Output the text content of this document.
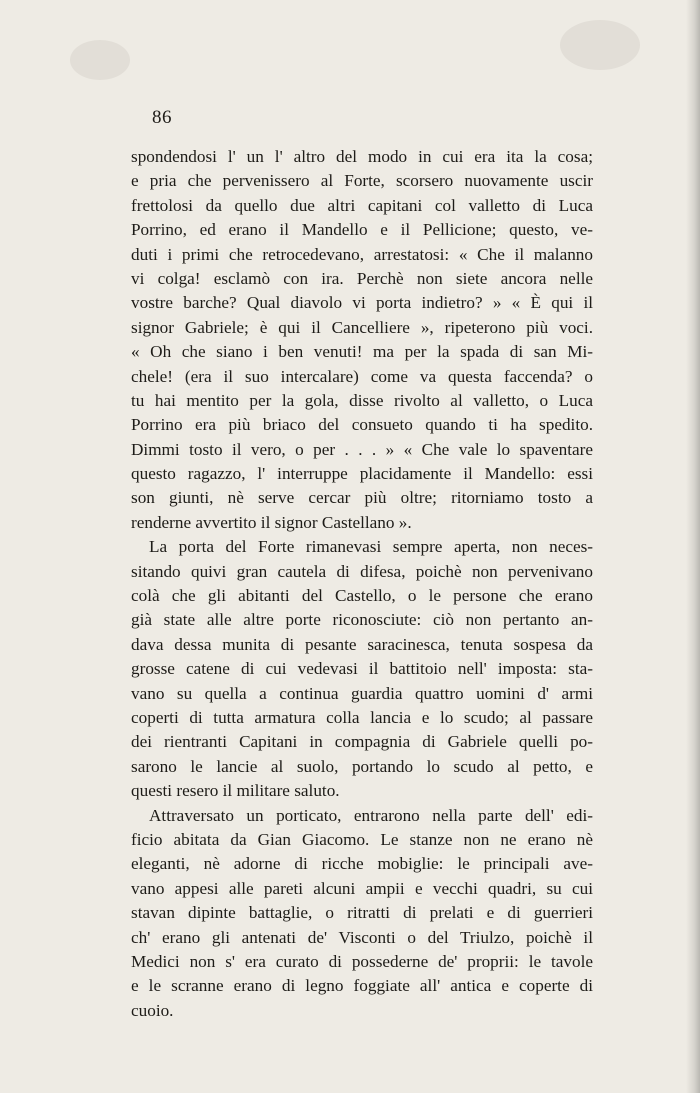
86
spondendosi l' un l' altro del modo in cui era ita la cosa;
e pria che pervenissero al Forte, scorsero nuovamente uscir
frettolosi da quello due altri capitani col valletto di Luca
Porrino, ed erano il Mandello e il Pellicione; questo, ve-
duti i primi che retrocedevano, arrestatosi: « Che il malanno
vi colga! esclamò con ira. Perchè non siete ancora nelle
vostre barche? Qual diavolo vi porta indietro? » « È qui il
signor Gabriele; è qui il Cancelliere », ripeterono più voci.
« Oh che siano i ben venuti! ma per la spada di san Mi-
chele! (era il suo intercalare) come va questa faccenda? o
tu hai mentito per la gola, disse rivolto al valletto, o Luca
Porrino era più briaco del consueto quando ti ha spedito.
Dimmi tosto il vero, o per . . . » « Che vale lo spaventare
questo ragazzo, l' interruppe placidamente il Mandello: essi
son giunti, nè serve cercar più oltre; ritorniamo tosto a
renderne avvertito il signor Castellano ».
La porta del Forte rimanevasi sempre aperta, non neces-
sitando quivi gran cautela di difesa, poichè non pervenivano
colà che gli abitanti del Castello, o le persone che erano
già state alle altre porte riconosciute: ciò non pertanto an-
dava dessa munita di pesante saracinesca, tenuta sospesa da
grosse catene di cui vedevasi il battitoio nell' imposta: sta-
vano su quella a continua guardia quattro uomini d' armi
coperti di tutta armatura colla lancia e lo scudo; al passare
dei rientranti Capitani in compagnia di Gabriele quelli po-
sarono le lancie al suolo, portando lo scudo al petto, e
questi resero il militare saluto.
Attraversato un porticato, entrarono nella parte dell' edi-
ficio abitata da Gian Giacomo. Le stanze non ne erano nè
eleganti, nè adorne di ricche mobiglie: le principali ave-
vano appesi alle pareti alcuni ampii e vecchi quadri, su cui
stavan dipinte battaglie, o ritratti di prelati e di guerrieri
ch' erano gli antenati de' Visconti o del Triulzo, poichè il
Medici non s' era curato di possederne de' proprii: le tavole
e le scranne erano di legno foggiate all' antica e coperte di
cuoio.
